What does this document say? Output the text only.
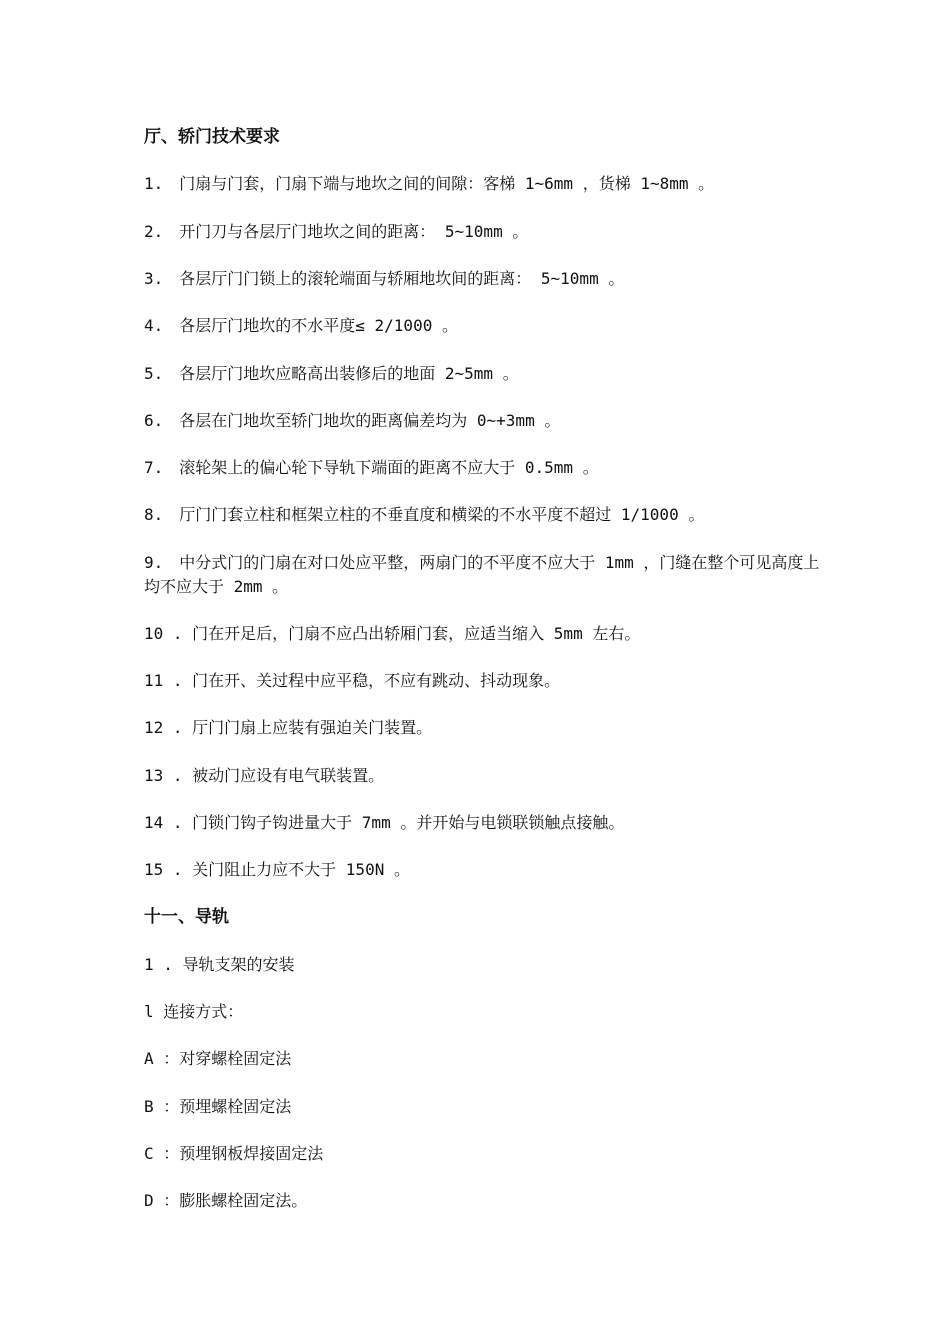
厅、轿门技术要求
1.　门扇与门套，门扇下端与地坎之间的间隙：客梯 1~6mm ，货梯 1~8mm 。
2.　开门刀与各层厅门地坎之间的距离： 5~10mm 。
3.　各层厅门门锁上的滚轮端面与轿厢地坎间的距离： 5~10mm 。
4.　各层厅门地坎的不水平度≤ 2/1000 。
5.　各层厅门地坎应略高出装修后的地面 2~5mm 。
6.　各层在门地坎至轿门地坎的距离偏差均为 0~+3mm 。
7.　滚轮架上的偏心轮下导轨下端面的距离不应大于 0.5mm 。
8.　厅门门套立柱和框架立柱的不垂直度和横梁的不水平度不超过 1/1000 。
9.　中分式门的门扇在对口处应平整，两扇门的不平度不应大于 1mm ，门缝在整个可见高度上均不应大于 2mm 。
10 . 门在开足后，门扇不应凸出轿厢门套，应适当缩入 5mm 左右。
11 . 门在开、关过程中应平稳，不应有跳动、抖动现象。
12 . 厅门门扇上应装有强迫关门装置。
13 . 被动门应设有电气联装置。
14 . 门锁门钩子钩进量大于 7mm 。并开始与电锁联锁触点接触。
15 . 关门阻止力应不大于 150N 。
十一、导轨
1 . 导轨支架的安装
l 连接方式：
A ：对穿螺栓固定法
B ：预埋螺栓固定法
C ：预埋钢板焊接固定法
D ：膨胀螺栓固定法。
